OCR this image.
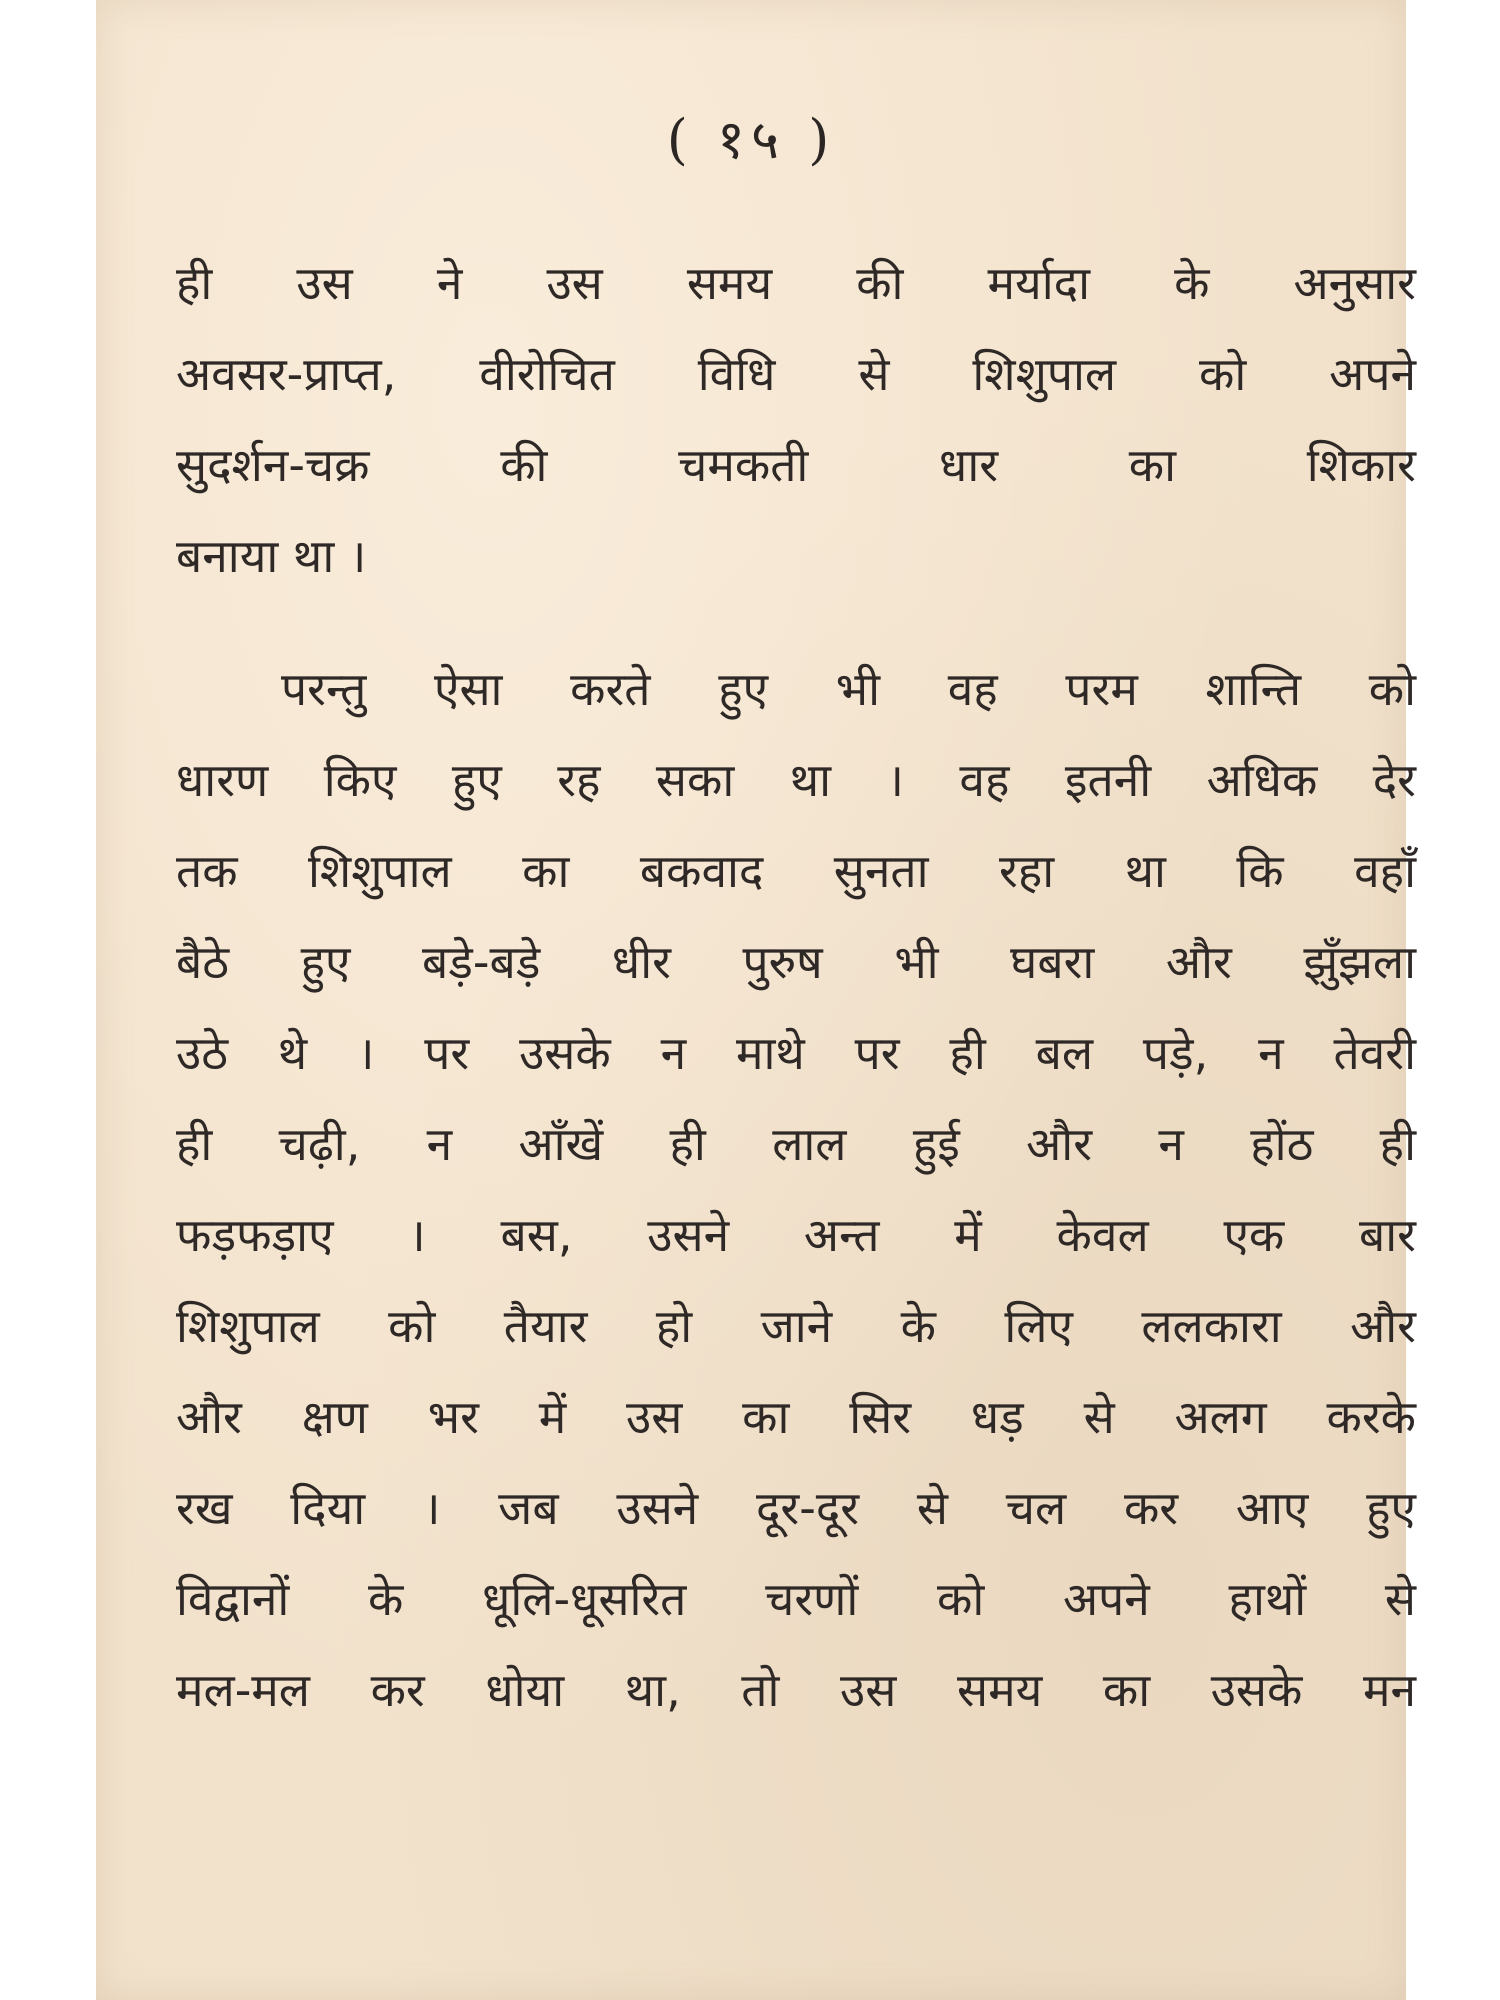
( १५ )
ही उस ने उस समय की मर्यादा के अनुसार
अवसर-प्राप्त, वीरोचित विधि से शिशुपाल को अपने
सुदर्शन-चक्र की चमकती धार का शिकार
बनाया था ।
परन्तु ऐसा करते हुए भी वह परम शान्ति को
धारण किए हुए रह सका था । वह इतनी अधिक देर
तक शिशुपाल का बकवाद सुनता रहा था कि वहाँ
बैठे हुए बड़े-बड़े धीर पुरुष भी घबरा और झुँझला
उठे थे । पर उसके न माथे पर ही बल पड़े, न तेवरी
ही चढ़ी, न आँखें ही लाल हुई और न होंठ ही
फड़फड़ाए । बस, उसने अन्त में केवल एक बार
शिशुपाल को तैयार हो जाने के लिए ललकारा और
और क्षण भर में उस का सिर धड़ से अलग करके
रख दिया । जब उसने दूर-दूर से चल कर आए हुए
विद्वानों के धूलि-धूसरित चरणों को अपने हाथों से
मल-मल कर धोया था, तो उस समय का उसके मन
